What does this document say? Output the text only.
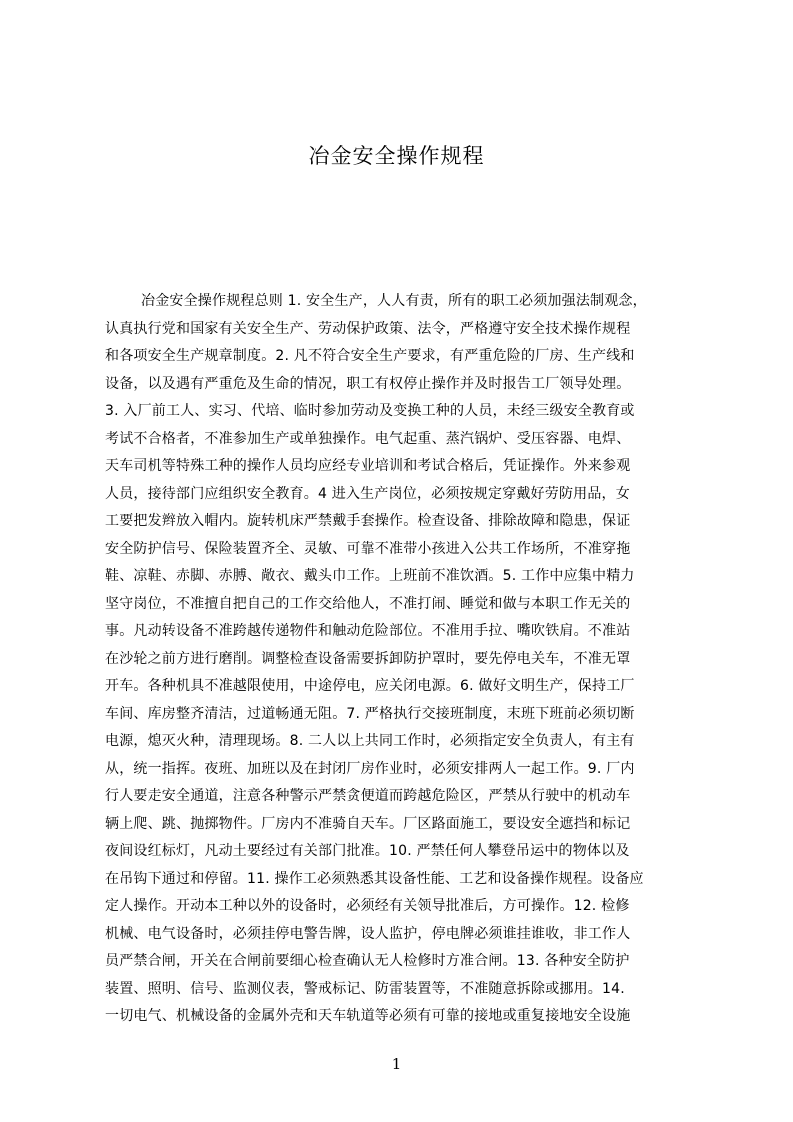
冶金安全操作规程
冶金安全操作规程总则 1. 安全生产，人人有责，所有的职工必须加强法制观念，
认真执行党和国家有关安全生产、劳动保护政策、法令，严格遵守安全技术操作规程
和各项安全生产规章制度。2. 凡不符合安全生产要求，有严重危险的厂房、生产线和
设备，以及遇有严重危及生命的情况，职工有权停止操作并及时报告工厂领导处理。
3. 入厂前工人、实习、代培、临时参加劳动及变换工种的人员，未经三级安全教育或
考试不合格者，不准参加生产或单独操作。电气起重、蒸汽锅炉、受压容器、电焊、
天车司机等特殊工种的操作人员均应经专业培训和考试合格后，凭证操作。外来参观
人员，接待部门应组织安全教育。4 进入生产岗位，必须按规定穿戴好劳防用品，女
工要把发辫放入帽内。旋转机床严禁戴手套操作。检查设备、排除故障和隐患，保证
安全防护信号、保险装置齐全、灵敏、可靠不准带小孩进入公共工作场所，不准穿拖
鞋、凉鞋、赤脚、赤膊、敞衣、戴头巾工作。上班前不准饮酒。5. 工作中应集中精力
坚守岗位，不准擅自把自己的工作交给他人，不准打闹、睡觉和做与本职工作无关的
事。凡动转设备不准跨越传递物件和触动危险部位。不准用手拉、嘴吹铁肩。不准站
在沙轮之前方进行磨削。调整检查设备需要拆卸防护罩时，要先停电关车，不准无罩
开车。各种机具不准越限使用，中途停电，应关闭电源。6. 做好文明生产，保持工厂
车间、库房整齐清洁，过道畅通无阻。7. 严格执行交接班制度，末班下班前必须切断
电源，熄灭火种，清理现场。8. 二人以上共同工作时，必须指定安全负责人，有主有
从，统一指挥。夜班、加班以及在封闭厂房作业时，必须安排两人一起工作。9. 厂内
行人要走安全通道，注意各种警示严禁贪便道而跨越危险区，严禁从行驶中的机动车
辆上爬、跳、抛掷物件。厂房内不准骑自天车。厂区路面施工，要设安全遮挡和标记
夜间设红标灯，凡动土要经过有关部门批准。10. 严禁任何人攀登吊运中的物体以及
在吊钩下通过和停留。11. 操作工必须熟悉其设备性能、工艺和设备操作规程。设备应
定人操作。开动本工种以外的设备时，必须经有关领导批准后，方可操作。12. 检修
机械、电气设备时，必须挂停电警告牌，设人监护，停电牌必须谁挂谁收，非工作人
员严禁合闸，开关在合闸前要细心检查确认无人检修时方准合闸。13. 各种安全防护
装置、照明、信号、监测仪表，警戒标记、防雷装置等，不准随意拆除或挪用。14.
一切电气、机械设备的金属外壳和天车轨道等必须有可靠的接地或重复接地安全设施
1
